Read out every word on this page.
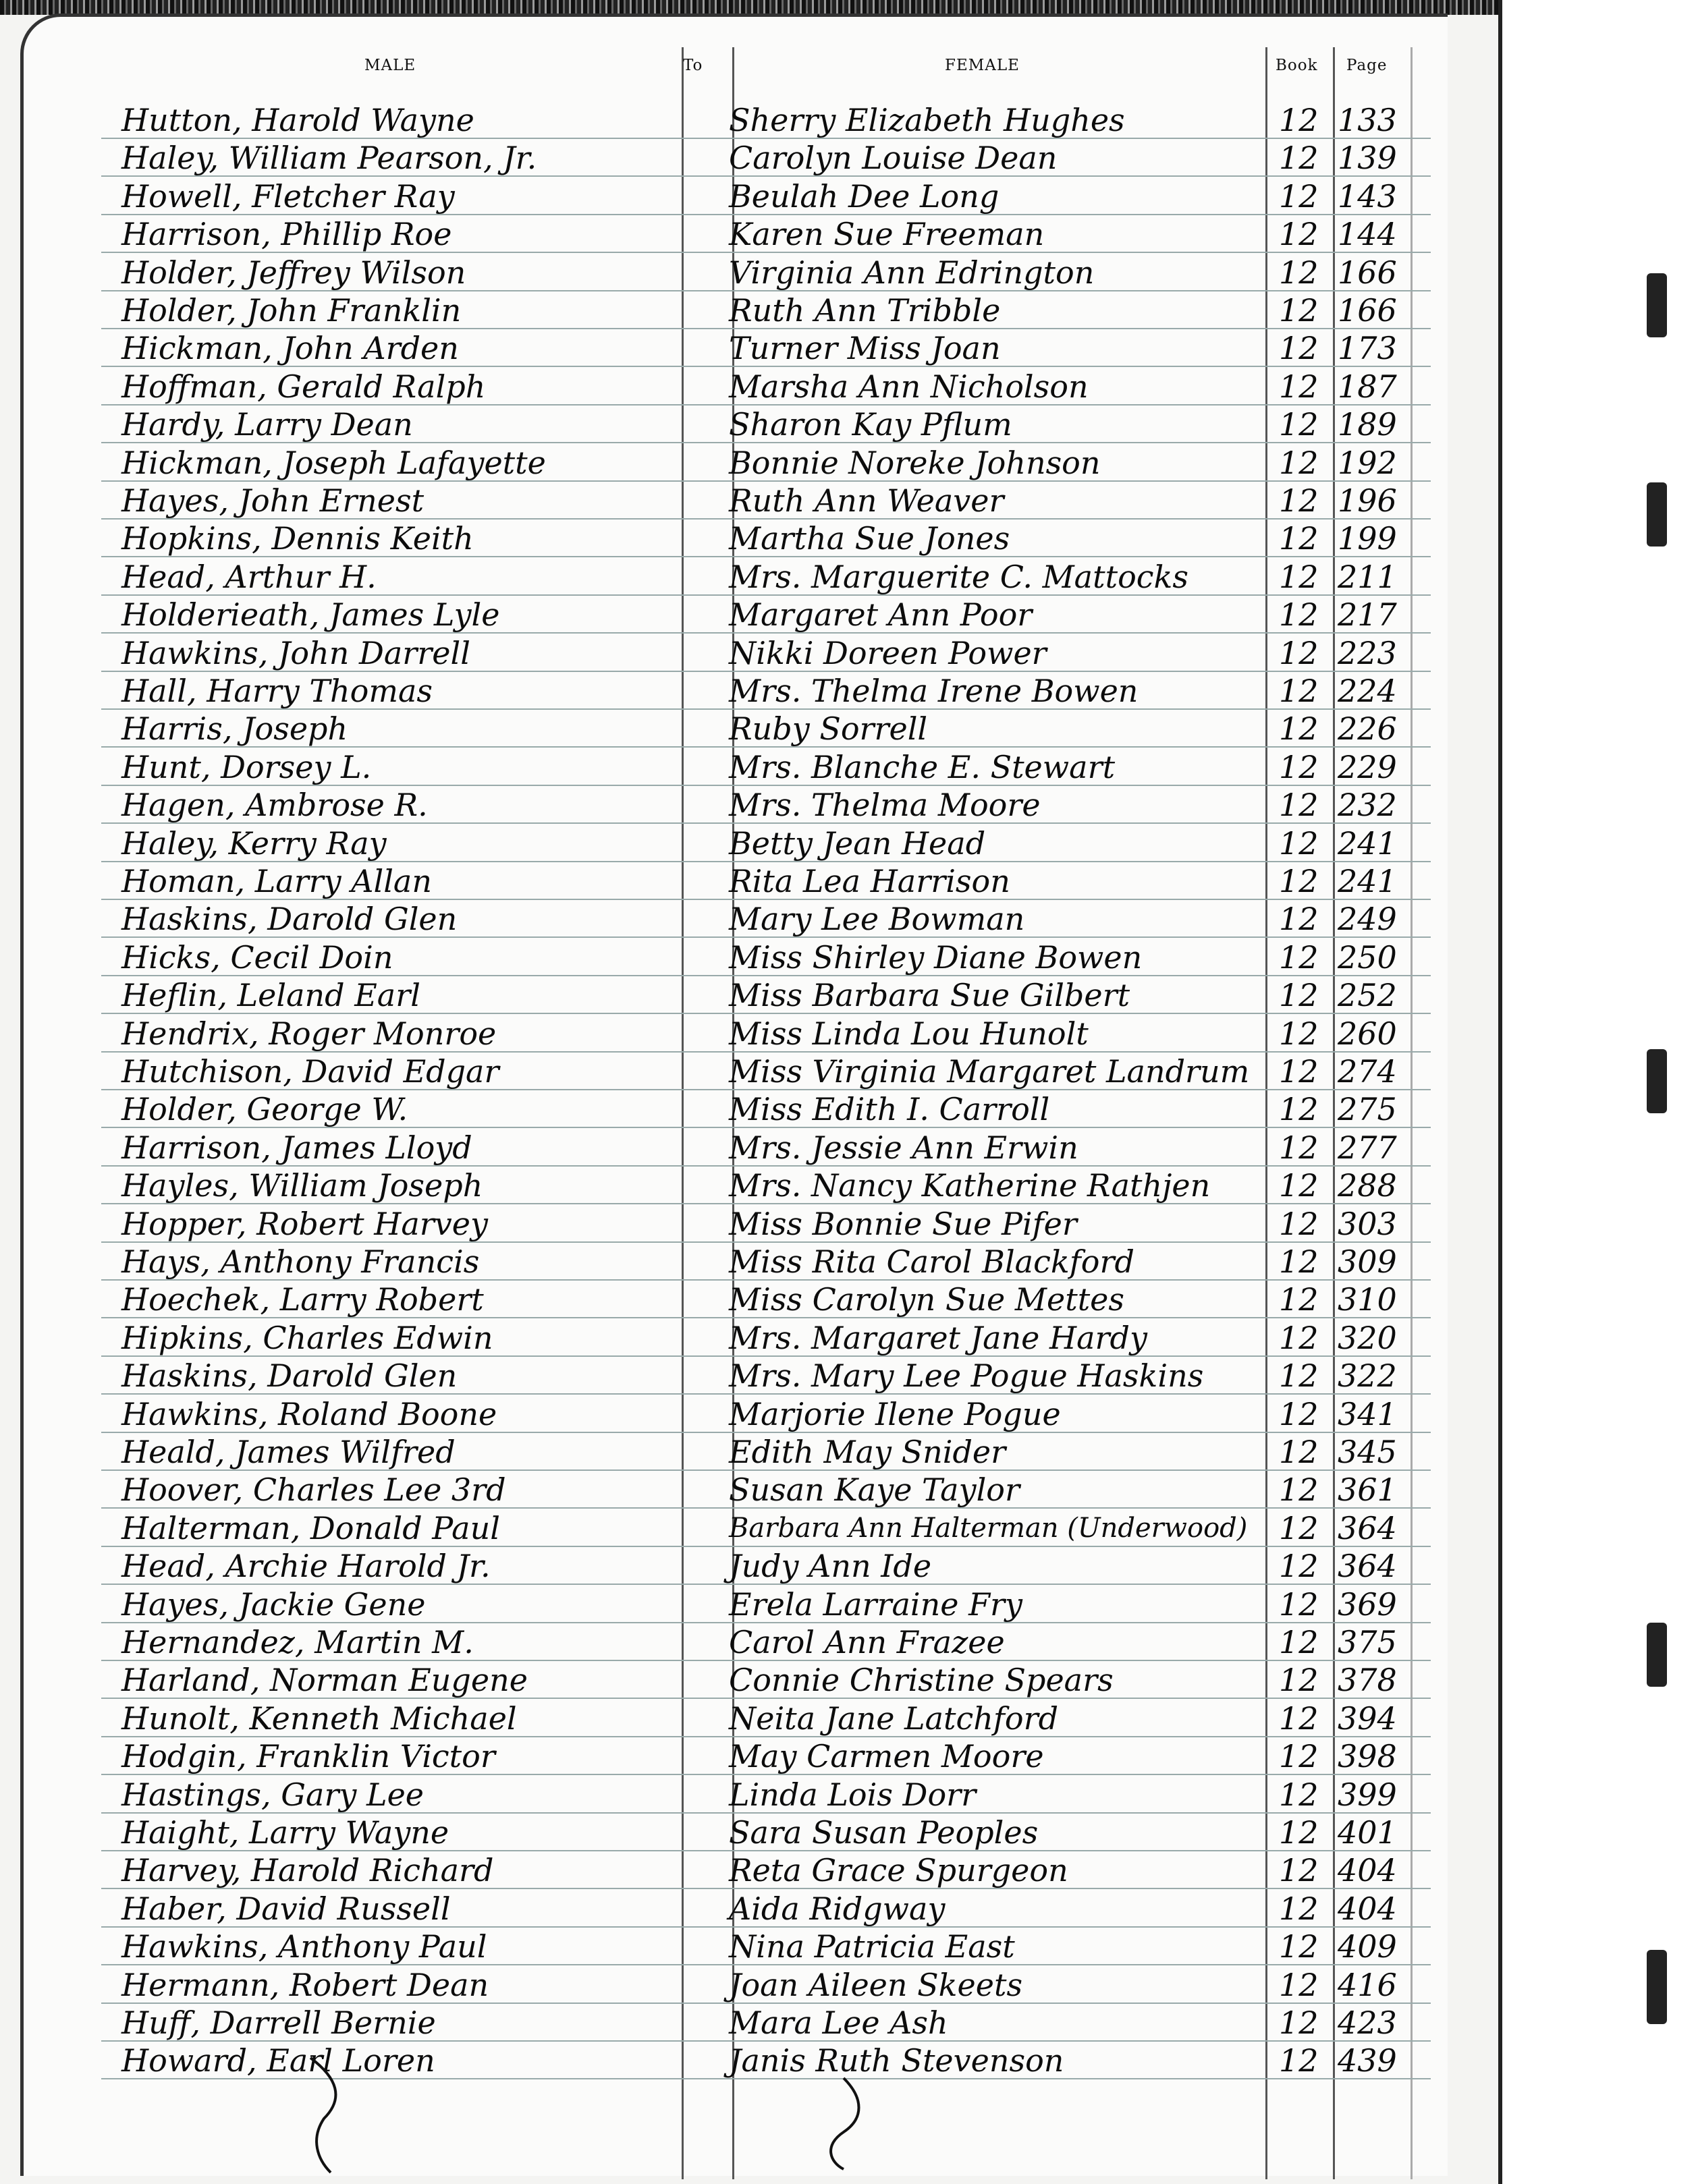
MALE	To	FEMALE	Book Page
Hutton, Harold Wayne	Sherry Elizabeth Hughes	12 133
Haley, William Pearson, Jr.	Carolyn Louise Dean	12 139
Howell, Fletcher Ray	Beulah Dee Long	12 143
Harrison, Phillip Roe	Karen Sue Freeman	12 144
Holder, Jeffrey Wilson	Virginia Ann Edrington	12 166
Holder, John Franklin	Ruth Ann Tribble	12 166
Hickman, John Arden	Turner Miss Joan	12 173
Hoffman, Gerald Ralph	Marsha Ann Nicholson	12 187
Hardy, Larry Dean	Sharon Kay Pflum	12 189
Hickman, Joseph Lafayette	Bonnie Noreke Johnson	12 192
Hayes, John Ernest	Ruth Ann Weaver	12 196
Hopkins, Dennis Keith	Martha Sue Jones	12 199
Head, Arthur H.	Mrs. Marguerite C. Mattocks	12 211
Holderieath, James Lyle	Margaret Ann Poor	12 217
Hawkins, John Darrell	Nikki Doreen Power	12 223
Hall, Harry Thomas	Mrs. Thelma Irene Bowen	12 224
Harris, Joseph	Ruby Sorrell	12 226
Hunt, Dorsey L.	Mrs. Blanche E. Stewart	12 229
Hagen, Ambrose R.	Mrs. Thelma Moore	12 232
Haley, Kerry Ray	Betty Jean Head	12 241
Homan, Larry Allan	Rita Lea Harrison	12 241
Haskins, Darold Glen	Mary Lee Bowman	12 249
Hicks, Cecil Doin	Miss Shirley Diane Bowen	12 250
Heflin, Leland Earl	Miss Barbara Sue Gilbert	12 252
Hendrix, Roger Monroe	Miss Linda Lou Hunolt	12 260
Hutchison, David Edgar	Miss Virginia Margaret Landrum 12 274
Holder, George W.	Miss Edith I. Carroll	12 275
Harrison, James Lloyd	Mrs. Jessie Ann Erwin	12 277
Hayles, William Joseph	Mrs. Nancy Katherine Rathjen 12 288
Hopper, Robert Harvey	Miss Bonnie Sue Pifer	12 303
Hays, Anthony Francis	Miss Rita Carol Blackford	12 309
Hoechek, Larry Robert	Miss Carolyn Sue Mettes	12 310
Hipkins, Charles Edwin	Mrs. Margaret Jane Hardy	12 320
Haskins, Darold Glen	Mrs. Mary Lee Pogue Haskins 12 322
Hawkins, Roland Boone	Marjorie Ilene Pogue	12 341
Heald, James Wilfred	Edith May Snider	12 345
Hoover, Charles Lee 3rd	Susan Kaye Taylor	12 361
Halterman, Donald Paul	Barbara Ann Halterman (Underwood) 12 364
Head, Archie Harold Jr.	Judy Ann Ide	12 364
Hayes, Jackie Gene	Erela Larraine Fry	12 369
Hernandez, Martin M.	Carol Ann Frazee	12 375
Harland, Norman Eugene	Connie Christine Spears	12 378
Hunolt, Kenneth Michael	Neita Jane Latchford	12 394
Hodgin, Franklin Victor	May Carmen Moore	12 398
Hastings, Gary Lee	Linda Lois Dorr	12 399
Haight, Larry Wayne	Sara Susan Peoples	12 401
Harvey, Harold Richard	Reta Grace Spurgeon	12 404
Haber, David Russell	Aida Ridgway	12 404
Hawkins, Anthony Paul	Nina Patricia East	12 409
Hermann, Robert Dean	Joan Aileen Skeets	12 416
Huff, Darrell Bernie	Mara Lee Ash	12 423
Howard, Earl Loren	Janis Ruth Stevenson	12 439
